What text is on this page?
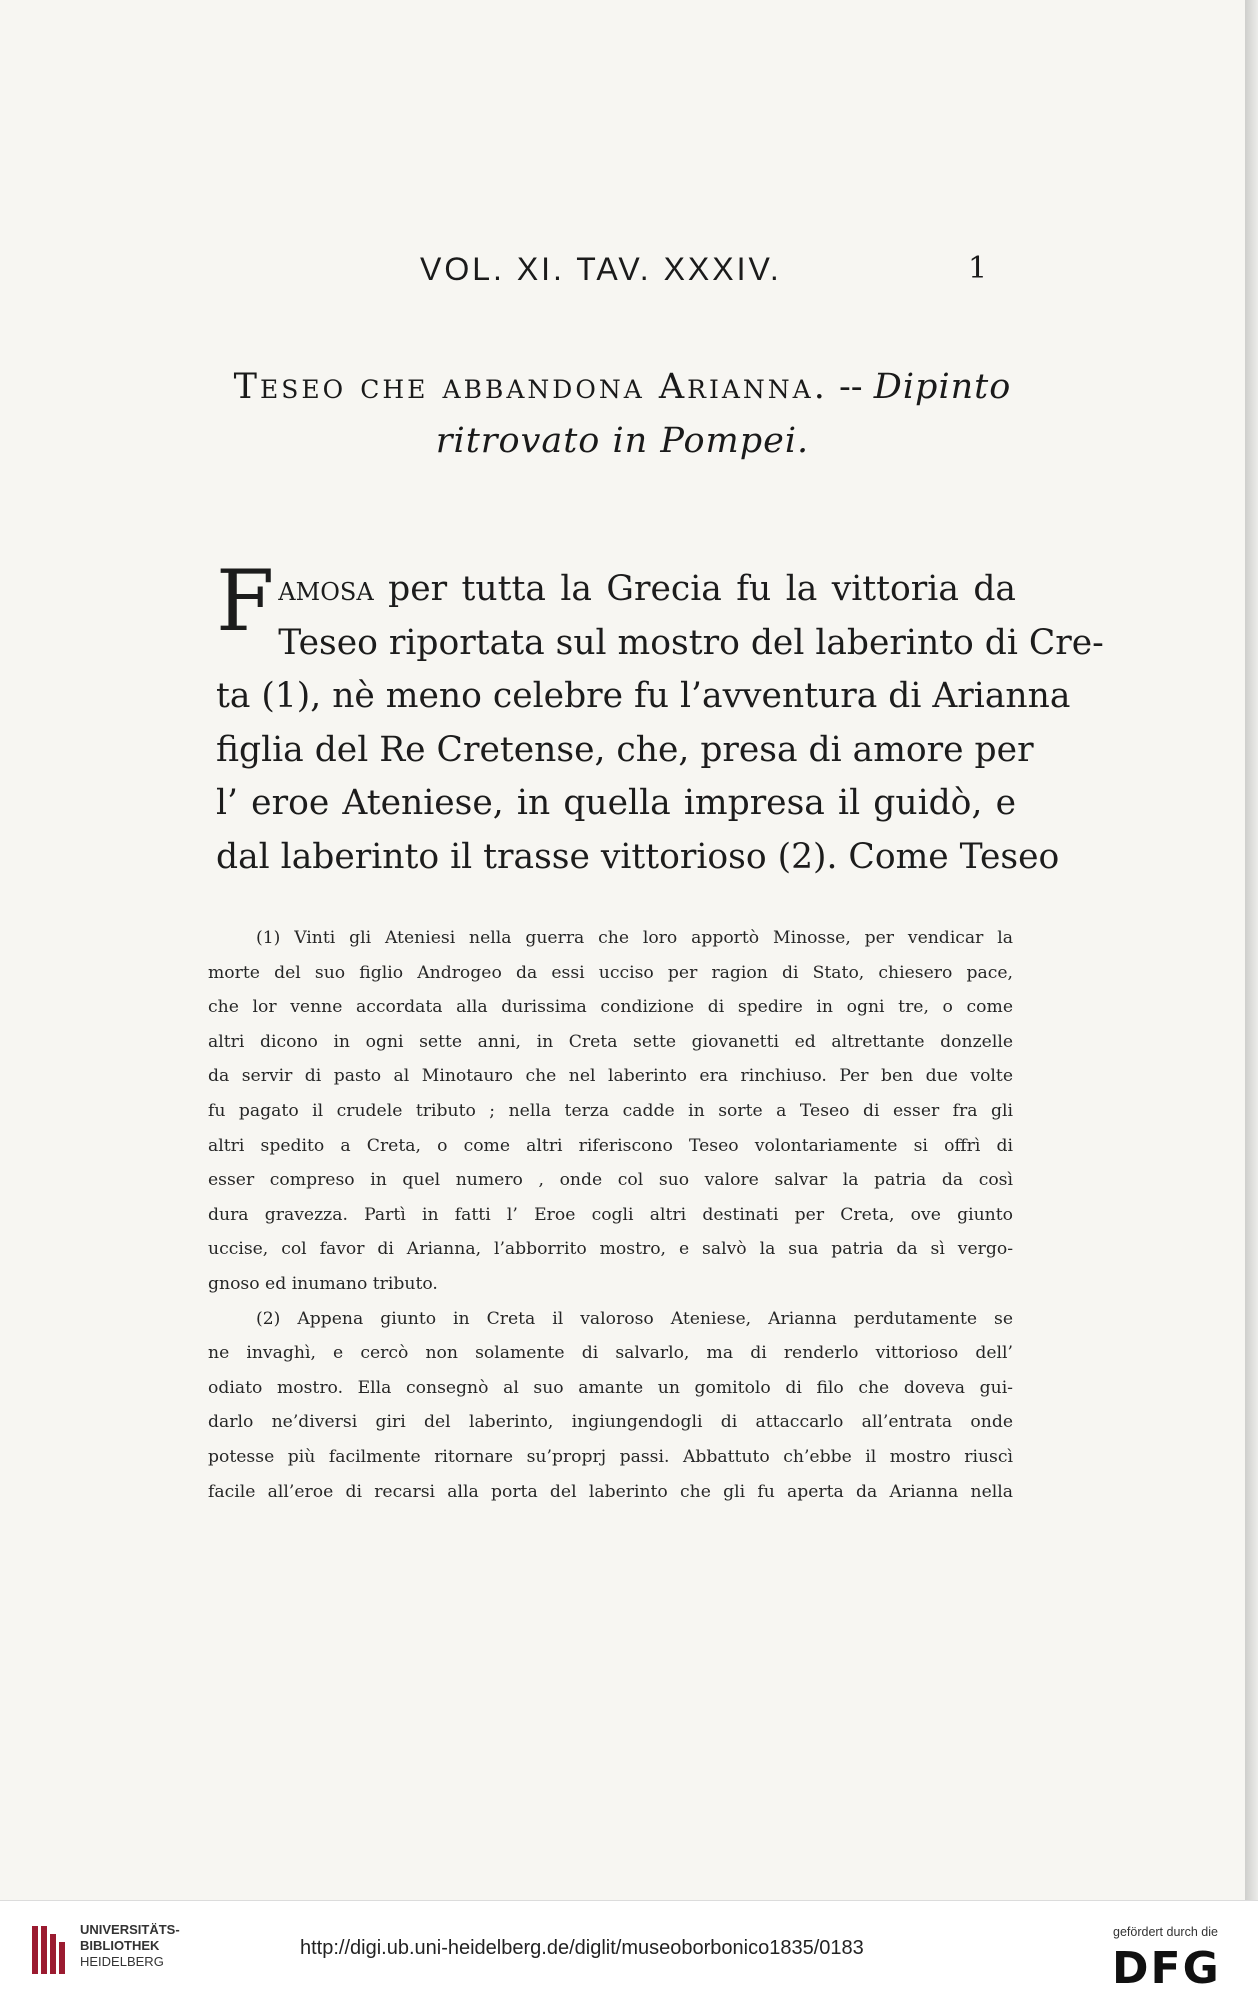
VOL. XI. TAV. XXXIV.	1
Teseo che abbandona Arianna. -- Dipinto
ritrovato in Pompei.
Famosa per tutta la Grecia fu la vittoria da
Teseo riportata sul mostro del laberinto di Cre-
ta (1), nè meno celebre fu l’avventura di Arianna
figlia del Re Cretense, che, presa di amore per
l’ eroe Ateniese, in quella impresa il guidò, e
dal laberinto il trasse vittorioso (2). Come Teseo
(1) Vinti gli Ateniesi nella guerra che loro apportò Minosse, per vendicar la
morte del suo figlio Androgeo da essi ucciso per ragion di Stato, chiesero pace,
che lor venne accordata alla durissima condizione di spedire in ogni tre, o come
altri dicono in ogni sette anni, in Creta sette giovanetti ed altrettante donzelle
da servir di pasto al Minotauro che nel laberinto era rinchiuso. Per ben due volte
fu pagato il crudele tributo ; nella terza cadde in sorte a Teseo di esser fra gli
altri spedito a Creta, o come altri riferiscono Teseo volontariamente si offrì di
esser compreso in quel numero , onde col suo valore salvar la patria da così
dura gravezza. Partì in fatti l’ Eroe cogli altri destinati per Creta, ove giunto
uccise, col favor di Arianna, l’abborrito mostro, e salvò la sua patria da sì vergo-
gnoso ed inumano tributo.
(2) Appena giunto in Creta il valoroso Ateniese, Arianna perdutamente se
ne invaghì, e cercò non solamente di salvarlo, ma di renderlo vittorioso dell’
odiato mostro. Ella consegnò al suo amante un gomitolo di filo che doveva gui-
darlo ne’diversi giri del laberinto, ingiungendogli di attaccarlo all’entrata onde
potesse più facilmente ritornare su’proprj passi. Abbattuto ch’ebbe il mostro riuscì
facile all’eroe di recarsi alla porta del laberinto che gli fu aperta da Arianna nella
UNIVERSITÄTS-
BIBLIOTHEK
HEIDELBERG
http://digi.ub.uni-heidelberg.de/diglit/museoborbonico1835/0183
gefördert durch die
DFG
